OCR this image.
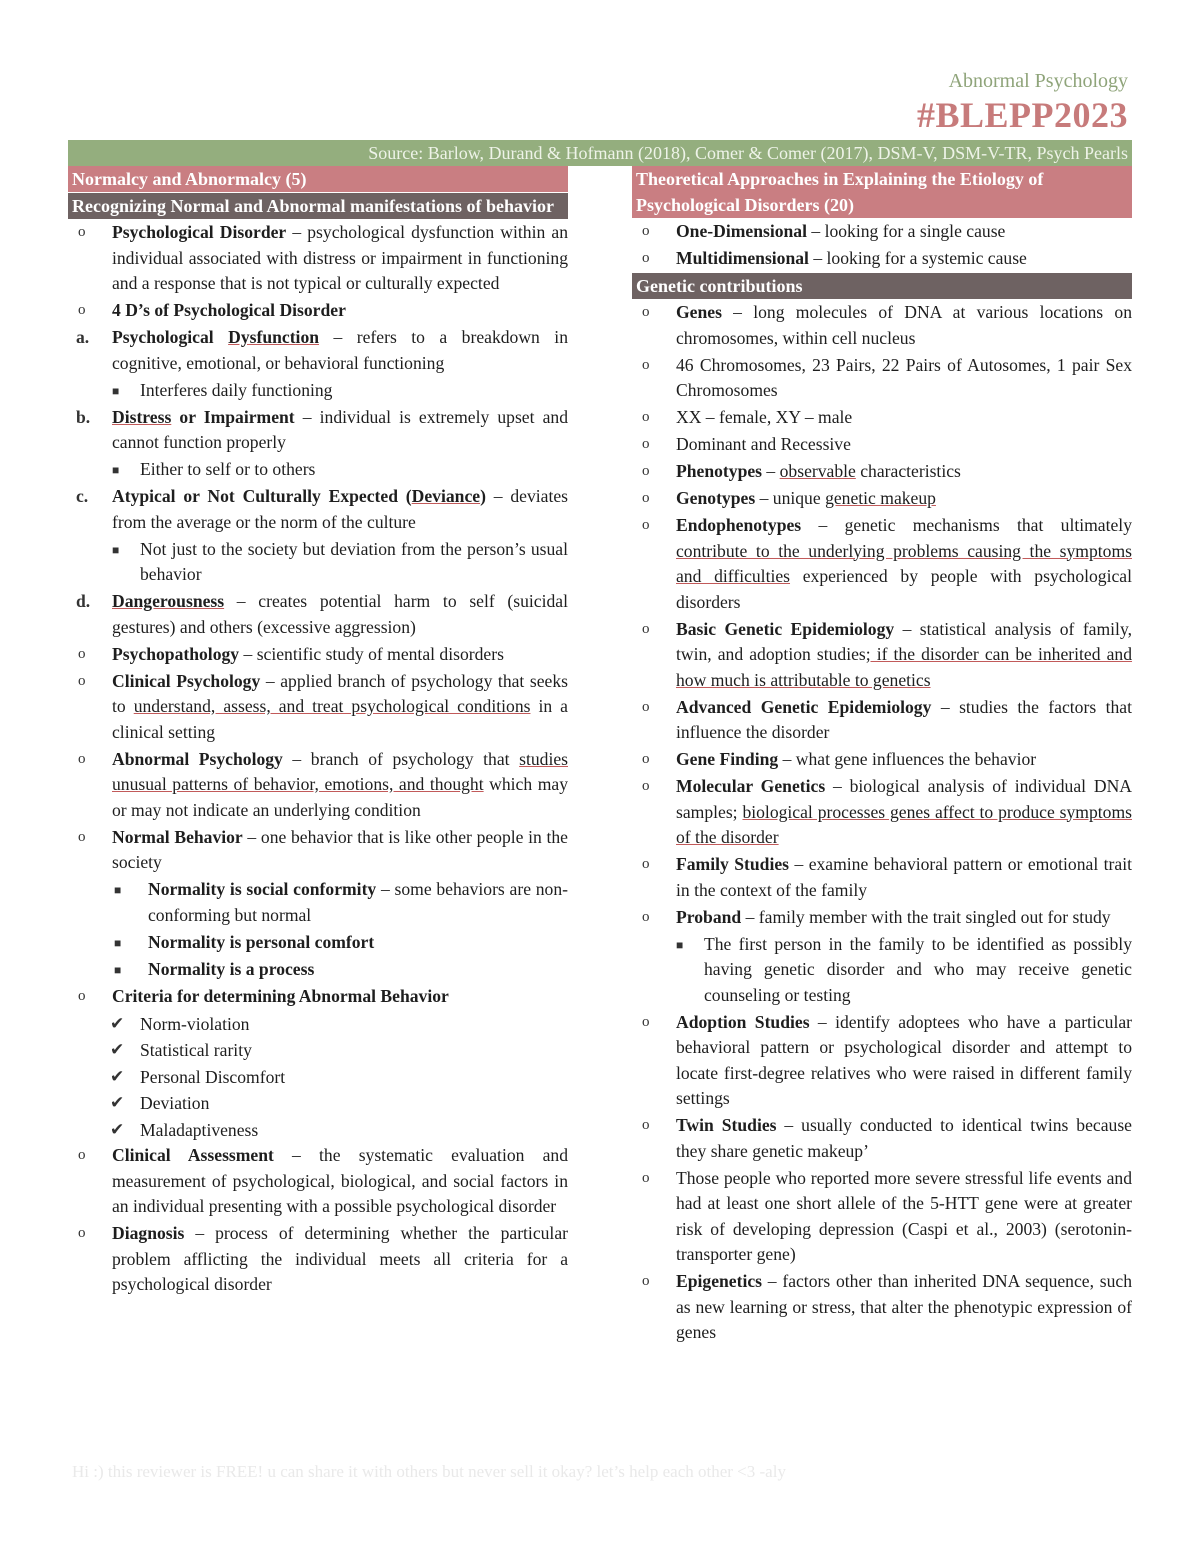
Abnormal Psychology
#BLEPP2023
Source: Barlow, Durand & Hofmann (2018), Comer & Comer (2017), DSM-V, DSM-V-TR, Psych Pearls
Normalcy and Abnormalcy (5)
Recognizing Normal and Abnormal manifestations of behavior
o Psychological Disorder – psychological dysfunction within an individual associated with distress or impairment in functioning and a response that is not typical or culturally expected
o 4 D’s of Psychological Disorder
a. Psychological Dysfunction – refers to a breakdown in cognitive, emotional, or behavioral functioning
■ Interferes daily functioning
b. Distress or Impairment – individual is extremely upset and cannot function properly
■ Either to self or to others
c. Atypical or Not Culturally Expected (Deviance) – deviates from the average or the norm of the culture
■ Not just to the society but deviation from the person’s usual behavior
d. Dangerousness – creates potential harm to self (suicidal gestures) and others (excessive aggression)
o Psychopathology – scientific study of mental disorders
o Clinical Psychology – applied branch of psychology that seeks to understand, assess, and treat psychological conditions in a clinical setting
o Abnormal Psychology – branch of psychology that studies unusual patterns of behavior, emotions, and thought which may or may not indicate an underlying condition
o Normal Behavior – one behavior that is like other people in the society
■ Normality is social conformity – some behaviors are non-conforming but normal
■ Normality is personal comfort
■ Normality is a process
o Criteria for determining Abnormal Behavior
✔ Norm-violation
✔ Statistical rarity
✔ Personal Discomfort
✔ Deviation
✔ Maladaptiveness
o Clinical Assessment – the systematic evaluation and measurement of psychological, biological, and social factors in an individual presenting with a possible psychological disorder
o Diagnosis – process of determining whether the particular problem afflicting the individual meets all criteria for a psychological disorder
Theoretical Approaches in Explaining the Etiology of Psychological Disorders (20)
o One-Dimensional – looking for a single cause
o Multidimensional – looking for a systemic cause
Genetic contributions
o Genes – long molecules of DNA at various locations on chromosomes, within cell nucleus
o 46 Chromosomes, 23 Pairs, 22 Pairs of Autosomes, 1 pair Sex Chromosomes
o XX – female, XY – male
o Dominant and Recessive
o Phenotypes – observable characteristics
o Genotypes – unique genetic makeup
o Endophenotypes – genetic mechanisms that ultimately contribute to the underlying problems causing the symptoms and difficulties experienced by people with psychological disorders
o Basic Genetic Epidemiology – statistical analysis of family, twin, and adoption studies; if the disorder can be inherited and how much is attributable to genetics
o Advanced Genetic Epidemiology – studies the factors that influence the disorder
o Gene Finding – what gene influences the behavior
o Molecular Genetics – biological analysis of individual DNA samples; biological processes genes affect to produce symptoms of the disorder
o Family Studies – examine behavioral pattern or emotional trait in the context of the family
o Proband – family member with the trait singled out for study
■ The first person in the family to be identified as possibly having genetic disorder and who may receive genetic counseling or testing
o Adoption Studies – identify adoptees who have a particular behavioral pattern or psychological disorder and attempt to locate first-degree relatives who were raised in different family settings
o Twin Studies – usually conducted to identical twins because they share genetic makeup’
o Those people who reported more severe stressful life events and had at least one short allele of the 5-HTT gene were at greater risk of developing depression (Caspi et al., 2003) (serotonin-transporter gene)
o Epigenetics – factors other than inherited DNA sequence, such as new learning or stress, that alter the phenotypic expression of genes
Hi :) this reviewer is FREE! u can share it with others but never sell it okay? let’s help each other <3 -aly
